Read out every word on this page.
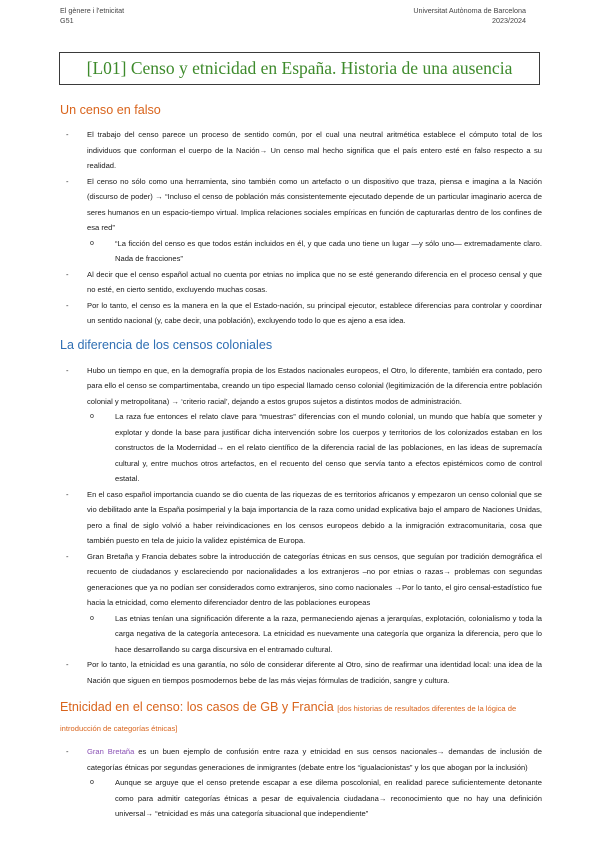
El gènere i l'etnicitat
G51
Universitat Autònoma de Barcelona
2023/2024
[L01] Censo y etnicidad en España. Historia de una ausencia
Un censo en falso
- El trabajo del censo parece un proceso de sentido común, por el cual una neutral aritmética establece el cómputo total de los individuos que conforman el cuerpo de la Nación→ Un censo mal hecho significa que el país entero esté en falso respecto a su realidad.
- El censo no sólo como una herramienta, sino también como un artefacto o un dispositivo que traza, piensa e imagina a la Nación (discurso de poder) → “Incluso el censo de población más consistentemente ejecutado depende de un particular imaginario acerca de seres humanos en un espacio-tiempo virtual. Implica relaciones sociales empíricas en función de capturarlas dentro de los confines de esa red”
o	“La ficción del censo es que todos están incluidos en él, y que cada uno tiene un lugar —y sólo uno— extremadamente claro. Nada de fracciones”
- Al decir que el censo español actual no cuenta por etnias no implica que no se esté generando diferencia en el proceso censal y que no esté, en cierto sentido, excluyendo muchas cosas.
- Por lo tanto, el censo es la manera en la que el Estado-nación, su principal ejecutor, establece diferencias para controlar y coordinar un sentido nacional (y, cabe decir, una población), excluyendo todo lo que es ajeno a esa idea.
La diferencia de los censos coloniales
- Hubo un tiempo en que, en la demografía propia de los Estados nacionales europeos, el Otro, lo diferente, también era contado, pero para ello el censo se compartimentaba, creando un tipo especial llamado censo colonial (legitimización de la diferencia entre población colonial y metropolitana) → ‘criterio racial’, dejando a estos grupos sujetos a distintos modos de administración.
o	La raza fue entonces el relato clave para “muestras” diferencias con el mundo colonial, un mundo que había que someter y explotar y donde la base para justificar dicha intervención sobre los cuerpos y territorios de los colonizados estaban en los constructos de la Modernidad→ en el relato científico de la diferencia racial de las poblaciones, en las ideas de supremacía cultural y, entre muchos otros artefactos, en el recuento del censo que servía tanto a efectos epistémicos como de control estatal.
- En el caso español importancia cuando se dio cuenta de las riquezas de es territorios africanos y empezaron un censo colonial que se vio debilitado ante la España posimperial y la baja importancia de la raza como unidad explicativa bajo el amparo de Naciones Unidas, pero a final de siglo volvió a haber reivindicaciones en los censos europeos debido a la inmigración extracomunitaria, cosa que también puesto en tela de juicio la validez epistémica de Europa.
- Gran Bretaña y Francia debates sobre la introducción de categorías étnicas en sus censos, que seguían por tradición demográfica el recuento de ciudadanos y esclareciendo por nacionalidades a los extranjeros –no por etnias o razas→ problemas con segundas generaciones que ya no podían ser considerados como extranjeros, sino como nacionales →Por lo tanto, el giro censal-estadístico fue hacia la etnicidad, como elemento diferenciador dentro de las poblaciones europeas
o	Las etnias tenían una significación diferente a la raza, permaneciendo ajenas a jerarquías, explotación, colonialismo y toda la carga negativa de la categoría antecesora. La etnicidad es nuevamente una categoría que organiza la diferencia, pero que lo hace desarrollando su carga discursiva en el entramado cultural.
- Por lo tanto, la etnicidad es una garantía, no sólo de considerar diferente al Otro, sino de reafirmar una identidad local: una idea de la Nación que siguen en tiempos posmodernos bebe de las más viejas fórmulas de tradición, sangre y cultura.
Etnicidad en el censo: los casos de GB y Francia [dos historias de resultados diferentes de la lógica de introducción de categorías étnicas]
- Gran Bretaña es un buen ejemplo de confusión entre raza y etnicidad en sus censos nacionales→ demandas de inclusión de categorías étnicas por segundas generaciones de inmigrantes (debate entre los “igualacionistas” y los que abogan por la inclusión)
o	Aunque se arguye que el censo pretende escapar a ese dilema poscolonial, en realidad parece suficientemente detonante como para admitir categorías étnicas a pesar de equivalencia ciudadana→ reconocimiento que no hay una definición universal→ “etnicidad es más una categoría situacional que independiente”
